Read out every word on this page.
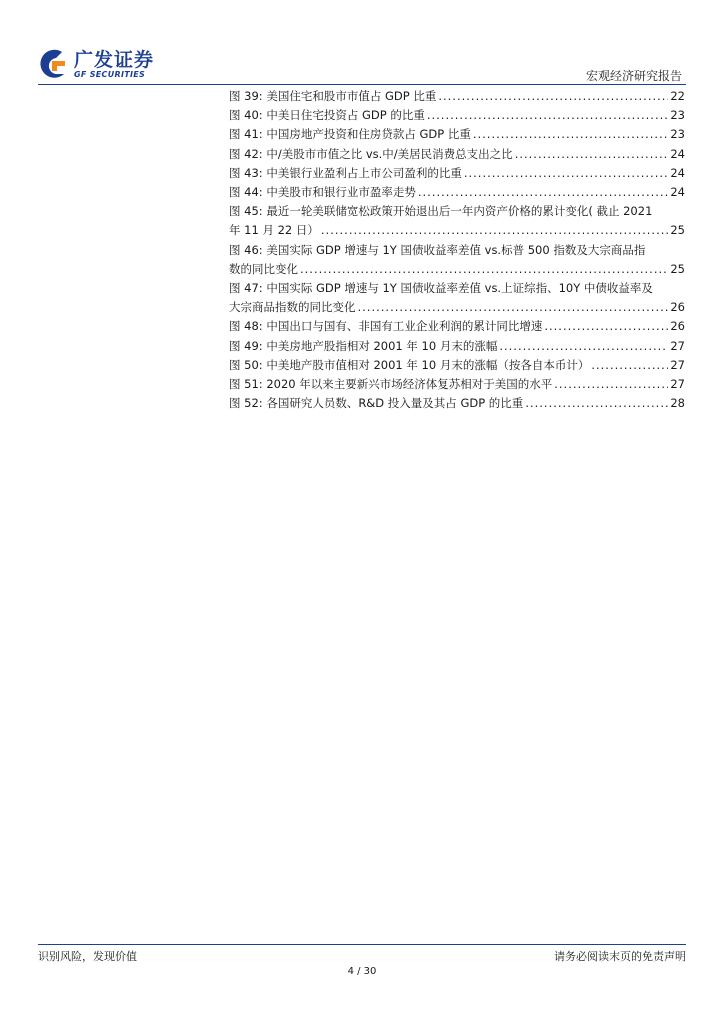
广发证券
GF SECURITIES	宏观经济研究报告
图 39: 美国住宅和股市市值占 GDP 比重 .....	22
图 40: 中美日住宅投资占 GDP 的比重 .....	23
图 41: 中国房地产投资和住房贷款占 GDP 比重 .....	23
图 42: 中/美股市市值之比 vs.中/美居民消费总支出之比 .....	24
图 43: 中美银行业盈利占上市公司盈利的比重 .....	24
图 44: 中美股市和银行业市盈率走势 .....	24
图 45: 最近一轮美联储宽松政策开始退出后一年内资产价格的累计变化( 截止 2021
年 11 月 22 日） .....	25
图 46: 美国实际 GDP 增速与 1Y 国债收益率差值 vs.标普 500 指数及大宗商品指
数的同比变化 .....	25
图 47: 中国实际 GDP 增速与 1Y 国债收益率差值 vs.上证综指、10Y 中债收益率及
大宗商品指数的同比变化 .....	26
图 48: 中国出口与国有、非国有工业企业利润的累计同比增速 .....	26
图 49: 中美房地产股指相对 2001 年 10 月末的涨幅 .....	27
图 50: 中美地产股市值相对 2001 年 10 月末的涨幅（按各自本币计） .....	27
图 51: 2020 年以来主要新兴市场经济体复苏相对于美国的水平 .....	27
图 52: 各国研究人员数、R&D 投入量及其占 GDP 的比重 .....	28
识别风险，发现价值	请务必阅读末页的免责声明
4 / 30
